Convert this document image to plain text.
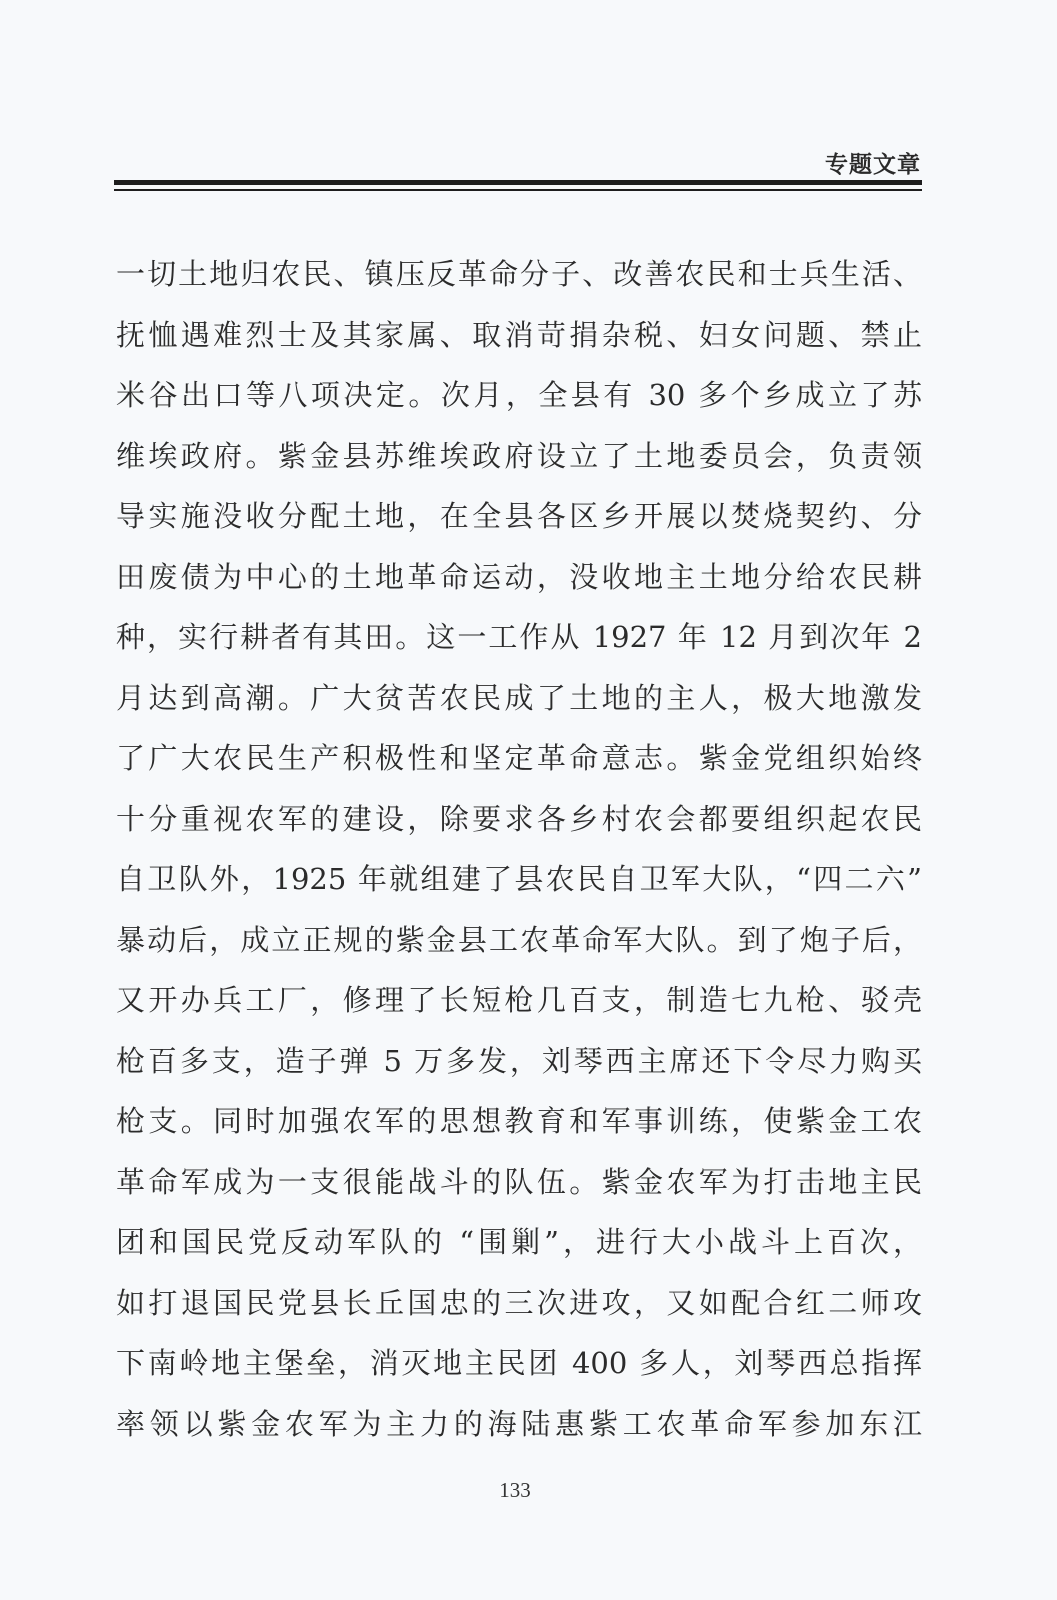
专题文章
一切土地归农民、镇压反革命分子、改善农民和士兵生活、
抚恤遇难烈士及其家属、取消苛捐杂税、妇女问题、禁止
米谷出口等八项决定。次月，全县有 30 多个乡成立了苏
维埃政府。紫金县苏维埃政府设立了土地委员会，负责领
导实施没收分配土地，在全县各区乡开展以焚烧契约、分
田废债为中心的土地革命运动，没收地主土地分给农民耕
种，实行耕者有其田。这一工作从 1927 年 12 月到次年 2
月达到高潮。广大贫苦农民成了土地的主人，极大地激发
了广大农民生产积极性和坚定革命意志。紫金党组织始终
十分重视农军的建设，除要求各乡村农会都要组织起农民
自卫队外，1925 年就组建了县农民自卫军大队，“四二六”
暴动后，成立正规的紫金县工农革命军大队。到了炮子后，
又开办兵工厂，修理了长短枪几百支，制造七九枪、驳壳
枪百多支，造子弹 5 万多发，刘琴西主席还下令尽力购买
枪支。同时加强农军的思想教育和军事训练，使紫金工农
革命军成为一支很能战斗的队伍。紫金农军为打击地主民
团和国民党反动军队的 “围剿”，进行大小战斗上百次，
如打退国民党县长丘国忠的三次进攻，又如配合红二师攻
下南岭地主堡垒，消灭地主民团 400 多人，刘琴西总指挥
率领以紫金农军为主力的海陆惠紫工农革命军参加东江
133
